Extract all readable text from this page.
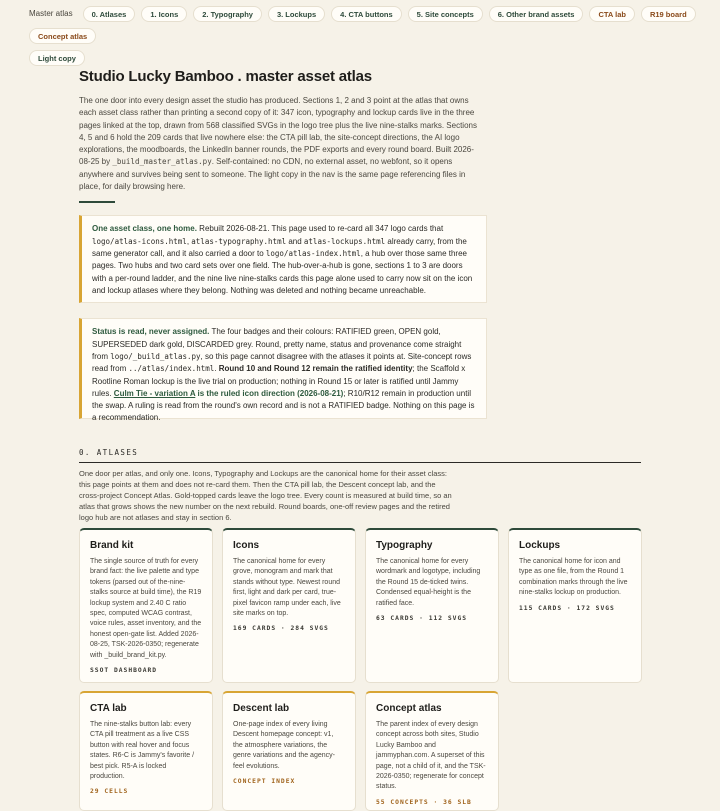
Master atlas	0. Atlases	1. Icons	2. Typography	3. Lockups	4. CTA buttons	5. Site concepts	6. Other brand assets	CTA lab	R19 board
Concept atlas
Light copy
Studio Lucky Bamboo . master asset atlas
The one door into every design asset the studio has produced. Sections 1, 2 and 3 point at the atlas that owns each asset class rather than printing a second copy of it: 347 icon, typography and lockup cards live in the three pages linked at the top, drawn from 568 classified SVGs in the logo tree plus the live nine-stalks marks. Sections 4, 5 and 6 hold the 209 cards that live nowhere else: the CTA pill lab, the site-concept directions, the AI logo explorations, the moodboards, the LinkedIn banner rounds, the PDF exports and every round board. Built 2026-08-25 by _build_master_atlas.py. Self-contained: no CDN, no external asset, no webfont, so it opens anywhere and survives being sent to someone. The light copy in the nav is the same page referencing files in place, for daily browsing here.
One asset class, one home. Rebuilt 2026-08-21. This page used to re-card all 347 logo cards that logo/atlas-icons.html, atlas-typography.html and atlas-lockups.html already carry, from the same generator call, and it also carried a door to logo/atlas-index.html, a hub over those same three pages. Two hubs and two card sets over one field. The hub-over-a-hub is gone, sections 1 to 3 are doors with a per-round ladder, and the nine live nine-stalks cards this page alone used to carry now sit on the icon and lockup atlases where they belong. Nothing was deleted and nothing became unreachable.
Status is read, never assigned. The four badges and their colours: RATIFIED green, OPEN gold, SUPERSEDED dark gold, DISCARDED grey. Round, pretty name, status and provenance come straight from logo/_build_atlas.py, so this page cannot disagree with the atlases it points at. Site-concept rows read from ../atlas/index.html. Round 10 and Round 12 remain the ratified identity; the Scaffold x Rootline Roman lockup is the live trial on production; nothing in Round 15 or later is ratified until Jammy rules. Culm Tie - variation A is the ruled icon direction (2026-08-21); R10/R12 remain in production until the swap. A ruling is read from the round's own record and is not a RATIFIED badge. Nothing on this page is a recommendation.
0. ATLASES
One door per atlas, and only one. Icons, Typography and Lockups are the canonical home for their asset class: this page points at them and does not re-card them. Then the CTA pill lab, the Descent concept lab, and the cross-project Concept Atlas. Gold-topped cards leave the logo tree. Every count is measured at build time, so an atlas that grows shows the new number on the next rebuild. Round boards, one-off review pages and the retired logo hub are not atlases and stay in section 6.
Brand kit

The single source of truth for every brand fact: the live palette and type tokens (parsed out of the-nine-stalks source at build time), the R19 lockup system and 2.40 C ratio spec, computed WCAG contrast, voice rules, asset inventory, and the honest open-gate list. Added 2026-08-25, TSK-2026-0350; regenerate with _build_brand_kit.py.

SSOT DASHBOARD
Icons

The canonical home for every grove, monogram and mark that stands without type. Newest round first, light and dark per card, true-pixel favicon ramp under each, live site marks on top.

169 CARDS · 284 SVGS
Typography

The canonical home for every wordmark and logotype, including the Round 15 de-ticked twins. Condensed equal-height is the ratified face.

63 CARDS · 112 SVGS
Lockups

The canonical home for icon and type as one file, from the Round 1 combination marks through the live nine-stalks lockup on production.

115 CARDS · 172 SVGS
CTA lab

The nine-stalks button lab: every CTA pill treatment as a live CSS button with real hover and focus states. R6-C is Jammy's favorite / best pick. R5-A is locked production.

29 CELLS
Descent lab

One-page index of every living Descent homepage concept: v1, the atmosphere variations, the genre variations and the agency-feel evolutions.

CONCEPT INDEX
Concept atlas

The parent index of every design concept across both sites, Studio Lucky Bamboo and jammyphan.com. A superset of this page, not a child of it, and the TSK-2026-0350; regenerate for concept status.

55 CONCEPTS · 36 SLB
